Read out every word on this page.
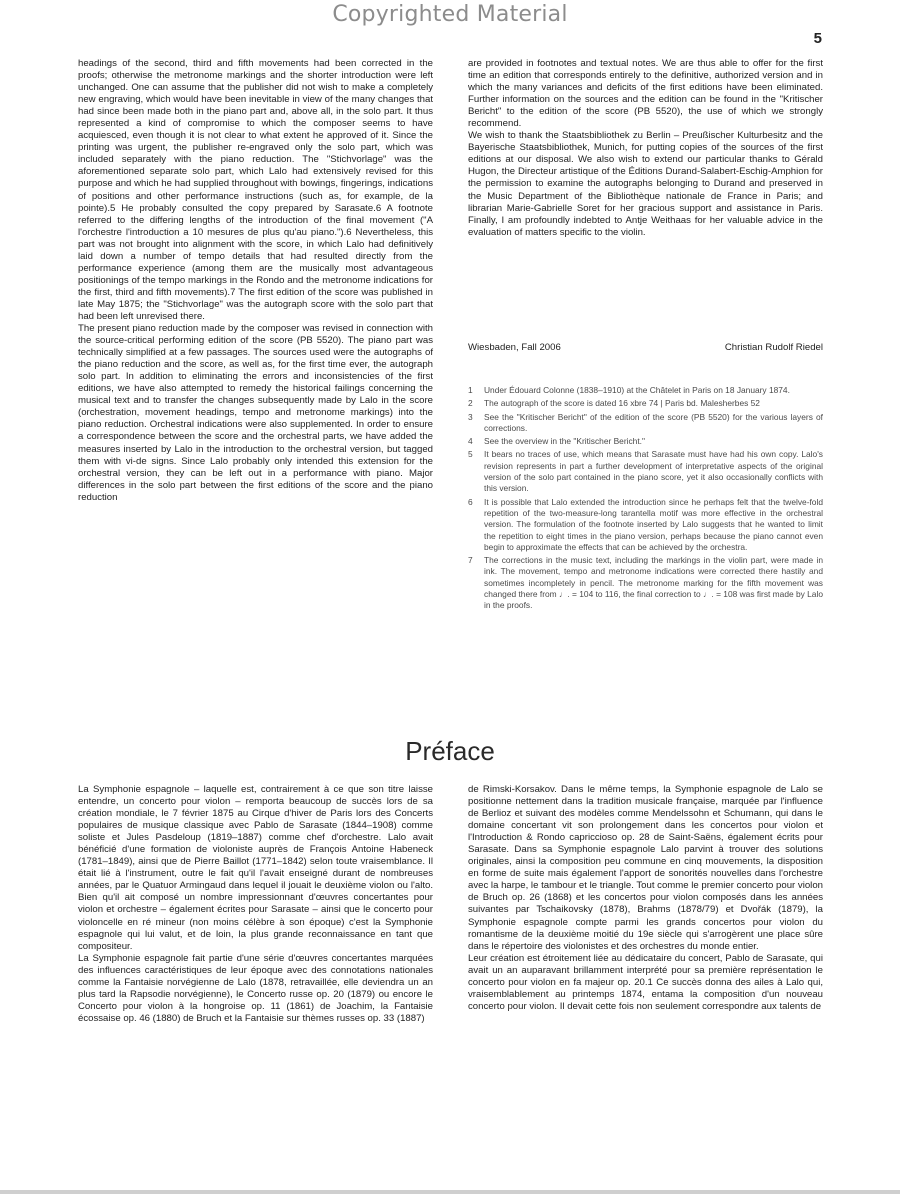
Copyrighted Material
5

headings of the second, third and fifth movements had been corrected in the proofs; otherwise the metronome markings and the shorter introduction were left unchanged. One can assume that the publisher did not wish to make a completely new engraving, which would have been inevitable in view of the many changes that had since been made both in the piano part and, above all, in the solo part. It thus represented a kind of compromise to which the composer seems to have acquiesced, even though it is not clear to what extent he approved of it. Since the printing was urgent, the publisher re-engraved only the solo part, which was included separately with the piano reduction. The "Stichvorlage" was the aforementioned separate solo part, which Lalo had extensively revised for this purpose and which he had supplied throughout with bowings, fingerings, indications of positions and other performance instructions (such as, for example, de la pointe).5 He probably consulted the copy prepared by Sarasate.6 A footnote referred to the differing lengths of the introduction of the final movement ("A l'orchestre l'introduction a 10 mesures de plus qu'au piano.").6 Nevertheless, this part was not brought into alignment with the score, in which Lalo had definitively laid down a number of tempo details that had resulted directly from the performance experience (among them are the musically most advantageous positionings of the tempo markings in the Rondo and the metronome indications for the first, third and fifth movements).7 The first edition of the score was published in late May 1875; the "Stichvorlage" was the autograph score with the solo part that had been left unrevised there.

The present piano reduction made by the composer was revised in connection with the source-critical performing edition of the score (PB 5520). The piano part was technically simplified at a few passages. The sources used were the autographs of the piano reduction and the score, as well as, for the first time ever, the autograph solo part. In addition to eliminating the errors and inconsistencies of the first editions, we have also attempted to remedy the historical failings concerning the musical text and to transfer the changes subsequently made by Lalo in the score (orchestration, movement headings, tempo and metronome markings) into the piano reduction. Orchestral indications were also supplemented. In order to ensure a correspondence between the score and the orchestral parts, we have added the measures inserted by Lalo in the introduction to the orchestral version, but tagged them with vi-de signs. Since Lalo probably only intended this extension for the orchestral version, they can be left out in a performance with piano. Major differences in the solo part between the first editions of the score and the piano reduction

are provided in footnotes and textual notes. We are thus able to offer for the first time an edition that corresponds entirely to the definitive, authorized version and in which the many variances and deficits of the first editions have been eliminated. Further information on the sources and the edition can be found in the "Kritischer Bericht" to the edition of the score (PB 5520), the use of which we strongly recommend.

We wish to thank the Staatsbibliothek zu Berlin – Preußischer Kulturbesitz and the Bayerische Staatsbibliothek, Munich, for putting copies of the sources of the first editions at our disposal. We also wish to extend our particular thanks to Gérald Hugon, the Directeur artistique of the Éditions Durand-Salabert-Eschig-Amphion for the permission to examine the autographs belonging to Durand and preserved in the Music Department of the Bibliothèque nationale de France in Paris; and librarian Marie-Gabrielle Soret for her gracious support and assistance in Paris. Finally, I am profoundly indebted to Antje Weithaas for her valuable advice in the evaluation of matters specific to the violin.

Wiesbaden, Fall 2006	Christian Rudolf Riedel
1	Under Édouard Colonne (1838–1910) at the Châtelet in Paris on 18 January 1874.
2	The autograph of the score is dated 16 xbre 74 | Paris bd. Malesherbes 52
3	See the "Kritischer Bericht" of the edition of the score (PB 5520) for the various layers of corrections.
4	See the overview in the "Kritischer Bericht."
5	It bears no traces of use, which means that Sarasate must have had his own copy. Lalo's revision represents in part a further development of interpretative aspects of the original version of the solo part contained in the piano score, yet it also occasionally conflicts with this version.
6	It is possible that Lalo extended the introduction since he perhaps felt that the twelve-fold repetition of the two-measure-long tarantella motif was more effective in the orchestral version. The formulation of the footnote inserted by Lalo suggests that he wanted to limit the repetition to eight times in the piano version, perhaps because the piano cannot even begin to approximate the effects that can be achieved by the orchestra.
7	The corrections in the music text, including the markings in the violin part, were made in ink. The movement, tempo and metronome indications were corrected there hastily and sometimes incompletely in pencil. The metronome marking for the fifth movement was changed there from ♩. = 104 to 116, the final correction to ♩. = 108 was first made by Lalo in the proofs.
Préface

La Symphonie espagnole – laquelle est, contrairement à ce que son titre laisse entendre, un concerto pour violon – remporta beaucoup de succès lors de sa création mondiale, le 7 février 1875 au Cirque d'hiver de Paris lors des Concerts populaires de musique classique avec Pablo de Sarasate (1844–1908) comme soliste et Jules Pasdeloup (1819–1887) comme chef d'orchestre. Lalo avait bénéficié d'une formation de violoniste auprès de François Antoine Habeneck (1781–1849), ainsi que de Pierre Baillot (1771–1842) selon toute vraisemblance. Il était lié à l'instrument, outre le fait qu'il l'avait enseigné durant de nombreuses années, par le Quatuor Armingaud dans lequel il jouait le deuxième violon ou l'alto. Bien qu'il ait composé un nombre impressionnant d'œuvres concertantes pour violon et orchestre – également écrites pour Sarasate – ainsi que le concerto pour violoncelle en ré mineur (non moins célèbre à son époque) c'est la Symphonie espagnole qui lui valut, et de loin, la plus grande reconnaissance en tant que compositeur.

La Symphonie espagnole fait partie d'une série d'œuvres concertantes marquées des influences caractéristiques de leur époque avec des connotations nationales comme la Fantaisie norvégienne de Lalo (1878, retravaillée, elle deviendra un an plus tard la Rapsodie norvégienne), le Concerto russe op. 20 (1879) ou encore le Concerto pour violon à la hongroise op. 11 (1861) de Joachim, la Fantaisie écossaise op. 46 (1880) de Bruch et la Fantaisie sur thèmes russes op. 33 (1887)

de Rimski-Korsakov. Dans le même temps, la Symphonie espagnole de Lalo se positionne nettement dans la tradition musicale française, marquée par l'influence de Berlioz et suivant des modèles comme Mendelssohn et Schumann, qui dans le domaine concertant vit son prolongement dans les concertos pour violon et l'Introduction & Rondo capriccioso op. 28 de Saint-Saëns, également écrits pour Sarasate. Dans sa Symphonie espagnole Lalo parvint à trouver des solutions originales, ainsi la composition peu commune en cinq mouvements, la disposition en forme de suite mais également l'apport de sonorités nouvelles dans l'orchestre avec la harpe, le tambour et le triangle. Tout comme le premier concerto pour violon de Bruch op. 26 (1868) et les concertos pour violon composés dans les années suivantes par Tschaikovsky (1878), Brahms (1878/79) et Dvořák (1879), la Symphonie espagnole compte parmi les grands concertos pour violon du romantisme de la deuxième moitié du 19e siècle qui s'arrogèrent une place sûre dans le répertoire des violonistes et des orchestres du monde entier.

Leur création est étroitement liée au dédicataire du concert, Pablo de Sarasate, qui avait un an auparavant brillamment interprété pour sa première représentation le concerto pour violon en fa majeur op. 20.1 Ce succès donna des ailes à Lalo qui, vraisemblablement au printemps 1874, entama la composition d'un nouveau concerto pour violon. Il devait cette fois non seulement correspondre aux talents de
